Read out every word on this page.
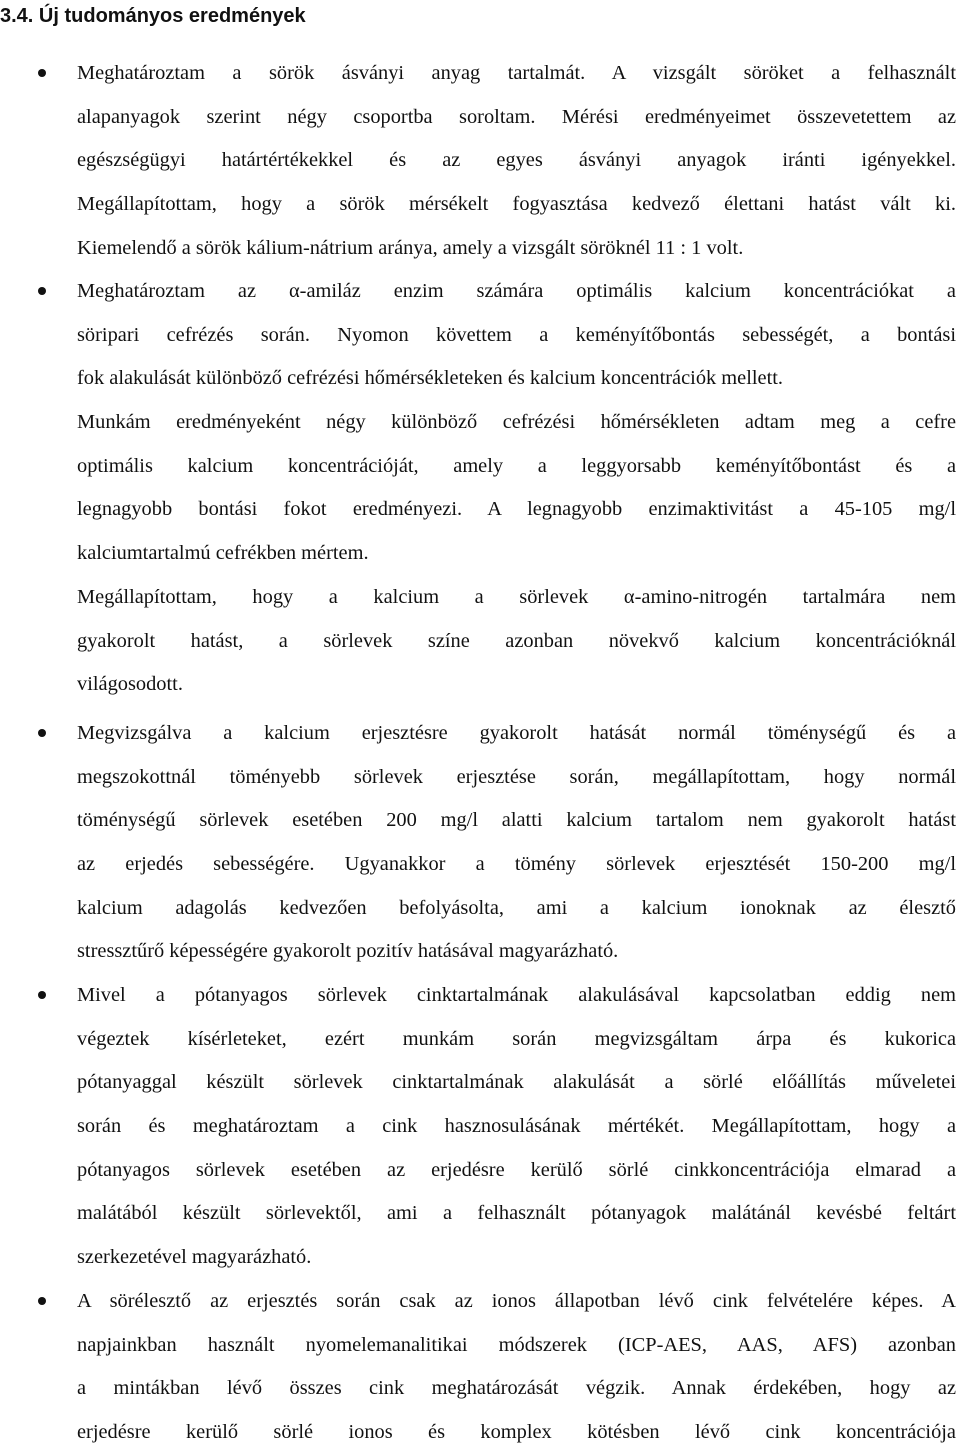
3.4. Új tudományos eredmények
Meghatároztam a sörök ásványi anyag tartalmát. A vizsgált söröket a felhasznált
alapanyagok szerint négy csoportba soroltam. Mérési eredményeimet összevetettem az
egészségügyi határtértékekkel és az egyes ásványi anyagok iránti igényekkel.
Megállapítottam, hogy a sörök mérsékelt fogyasztása kedvező élettani hatást vált ki.
Kiemelendő a sörök kálium-nátrium aránya, amely a vizsgált söröknél 11 : 1 volt.
Meghatároztam az α-amiláz enzim számára optimális kalcium koncentrációkat a
söripari cefrézés során. Nyomon követtem a keményítőbontás sebességét, a bontási
fok alakulását különböző cefrézési hőmérsékleteken és kalcium koncentrációk mellett.
Munkám eredményeként négy különböző cefrézési hőmérsékleten adtam meg a cefre
optimális kalcium koncentrációját, amely a leggyorsabb keményítőbontást és a
legnagyobb bontási fokot eredményezi. A legnagyobb enzimaktivitást a 45-105 mg/l
kalciumtartalmú cefrékben mértem.
Megállapítottam, hogy a kalcium a sörlevek α-amino-nitrogén tartalmára nem
gyakorolt hatást, a sörlevek színe azonban növekvő kalcium koncentrációknál
világosodott.
Megvizsgálva a kalcium erjesztésre gyakorolt hatását normál töménységű és a
megszokottnál töményebb sörlevek erjesztése során, megállapítottam, hogy normál
töménységű sörlevek esetében 200 mg/l alatti kalcium tartalom nem gyakorolt hatást
az erjedés sebességére. Ugyanakkor a tömény sörlevek erjesztését 150-200 mg/l
kalcium adagolás kedvezően befolyásolta, ami a kalcium ionoknak az élesztő
stressztűrő képességére gyakorolt pozitív hatásával magyarázható.
Mivel a pótanyagos sörlevek cinktartalmának alakulásával kapcsolatban eddig nem
végeztek kísérleteket, ezért munkám során megvizsgáltam árpa és kukorica
pótanyaggal készült sörlevek cinktartalmának alakulását a sörlé előállítás műveletei
során és meghatároztam a cink hasznosulásának mértékét. Megállapítottam, hogy a
pótanyagos sörlevek esetében az erjedésre kerülő sörlé cinkkoncentrációja elmarad a
malátából készült sörlevektől, ami a felhasznált pótanyagok malátánál kevésbé feltárt
szerkezetével magyarázható.
A sörélesztő az erjesztés során csak az ionos állapotban lévő cink felvételére képes. A
napjainkban használt nyomelemanalitikai módszerek (ICP-AES, AAS, AFS) azonban
a mintákban lévő összes cink meghatározását végzik. Annak érdekében, hogy az
erjedésre kerülő sörlé ionos és komplex kötésben lévő cink koncentrációja
